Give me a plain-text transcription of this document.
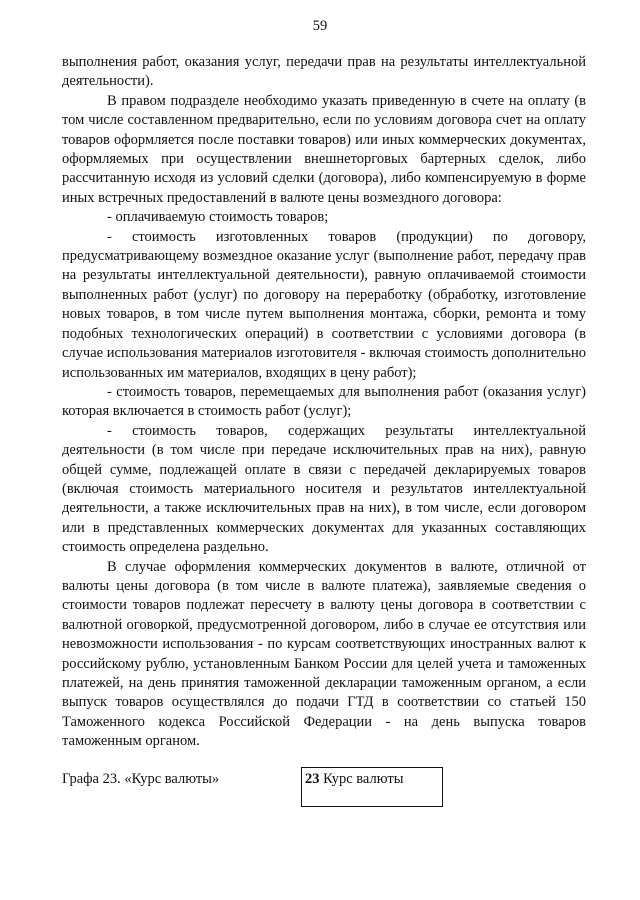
59

выполнения работ, оказания услуг, передачи прав на результаты интеллектуальной деятельности).

В правом подразделе необходимо указать приведенную в счете на оплату (в том числе составленном предварительно, если по условиям договора счет на оплату товаров оформляется после поставки товаров) или иных коммерческих документах, оформляемых при осуществлении внешнеторговых бартерных сделок, либо рассчитанную исходя из условий сделки (договора), либо компенсируемую в форме иных встречных предоставлений в валюте цены возмездного договора:

- оплачиваемую стоимость товаров;

- стоимость изготовленных товаров (продукции) по договору, предусматривающему возмездное оказание услуг (выполнение работ, передачу прав на результаты интеллектуальной деятельности), равную оплачиваемой стоимости выполненных работ (услуг) по договору на переработку (обработку, изготовление новых товаров, в том числе путем выполнения монтажа, сборки, ремонта и тому подобных технологических операций) в соответствии с условиями договора (в случае использования материалов изготовителя - включая стоимость дополнительно использованных им материалов, входящих в цену работ);

- стоимость товаров, перемещаемых для выполнения работ (оказания услуг) которая включается в стоимость работ (услуг);

- стоимость товаров, содержащих результаты интеллектуальной деятельности (в том числе при передаче исключительных прав на них), равную общей сумме, подлежащей оплате в связи с передачей декларируемых товаров (включая стоимость материального носителя и результатов интеллектуальной деятельности, а также исключительных прав на них), в том числе, если договором или в представленных коммерческих документах для указанных составляющих стоимость определена раздельно.

В случае оформления коммерческих документов в валюте, отличной от валюты цены договора (в том числе в валюте платежа), заявляемые сведения о стоимости товаров подлежат пересчету в валюту цены договора в соответствии с валютной оговоркой, предусмотренной договором, либо в случае ее отсутствия или невозможности использования - по курсам соответствующих иностранных валют к российскому рублю, установленным Банком России для целей учета и таможенных платежей, на день принятия таможенной декларации таможенным органом, а если выпуск товаров осуществлялся до подачи ГТД в соответствии со статьей 150 Таможенного кодекса Российской Федерации - на день выпуска товаров таможенным органом.

Графа 23. «Курс валюты»	23 Курс валюты
